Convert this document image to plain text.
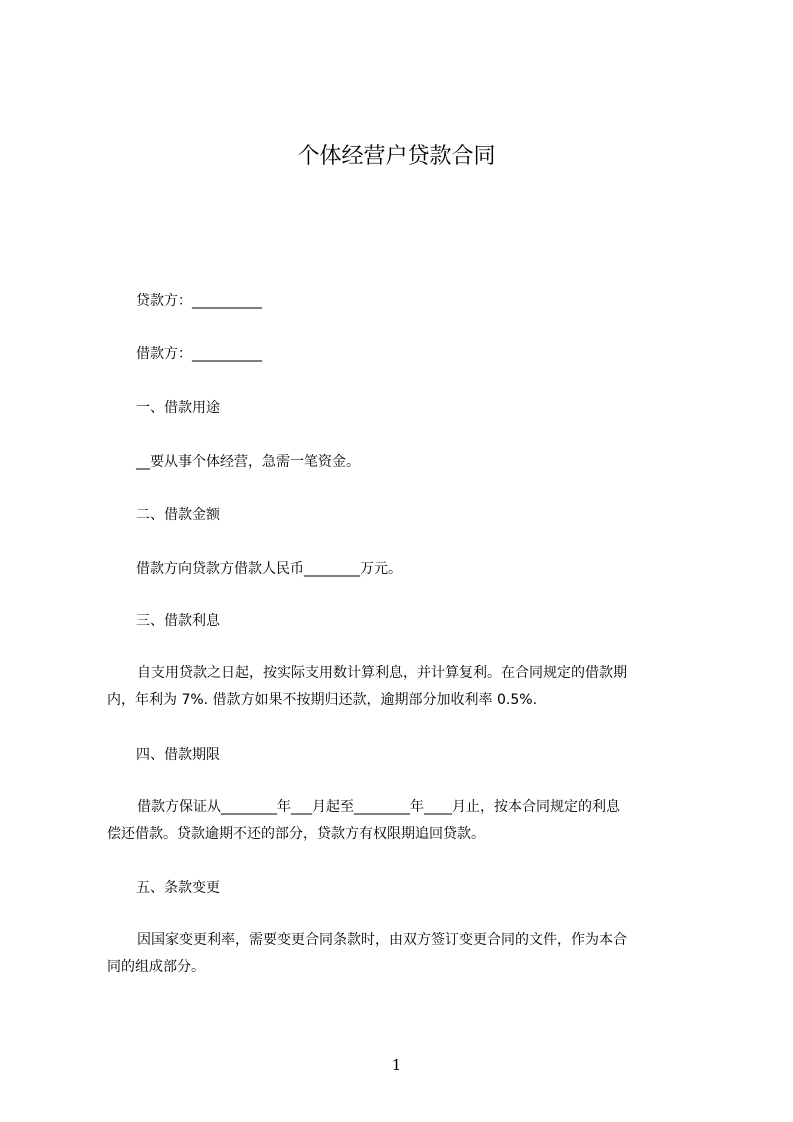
个体经营户贷款合同
贷款方：__________
借款方：__________
一、借款用途
__要从事个体经营，急需一笔资金。
二、借款金额
借款方向贷款方借款人民币________万元。
三、借款利息
自支用贷款之日起，按实际支用数计算利息，并计算复利。在合同规定的借款期
内，年利为 7%. 借款方如果不按期归还款，逾期部分加收利率 0.5%.
四、借款期限
借款方保证从________年___月起至________年____月止，按本合同规定的利息
偿还借款。贷款逾期不还的部分，贷款方有权限期追回贷款。
五、条款变更
因国家变更利率，需要变更合同条款时，由双方签订变更合同的文件，作为本合
同的组成部分。
1
